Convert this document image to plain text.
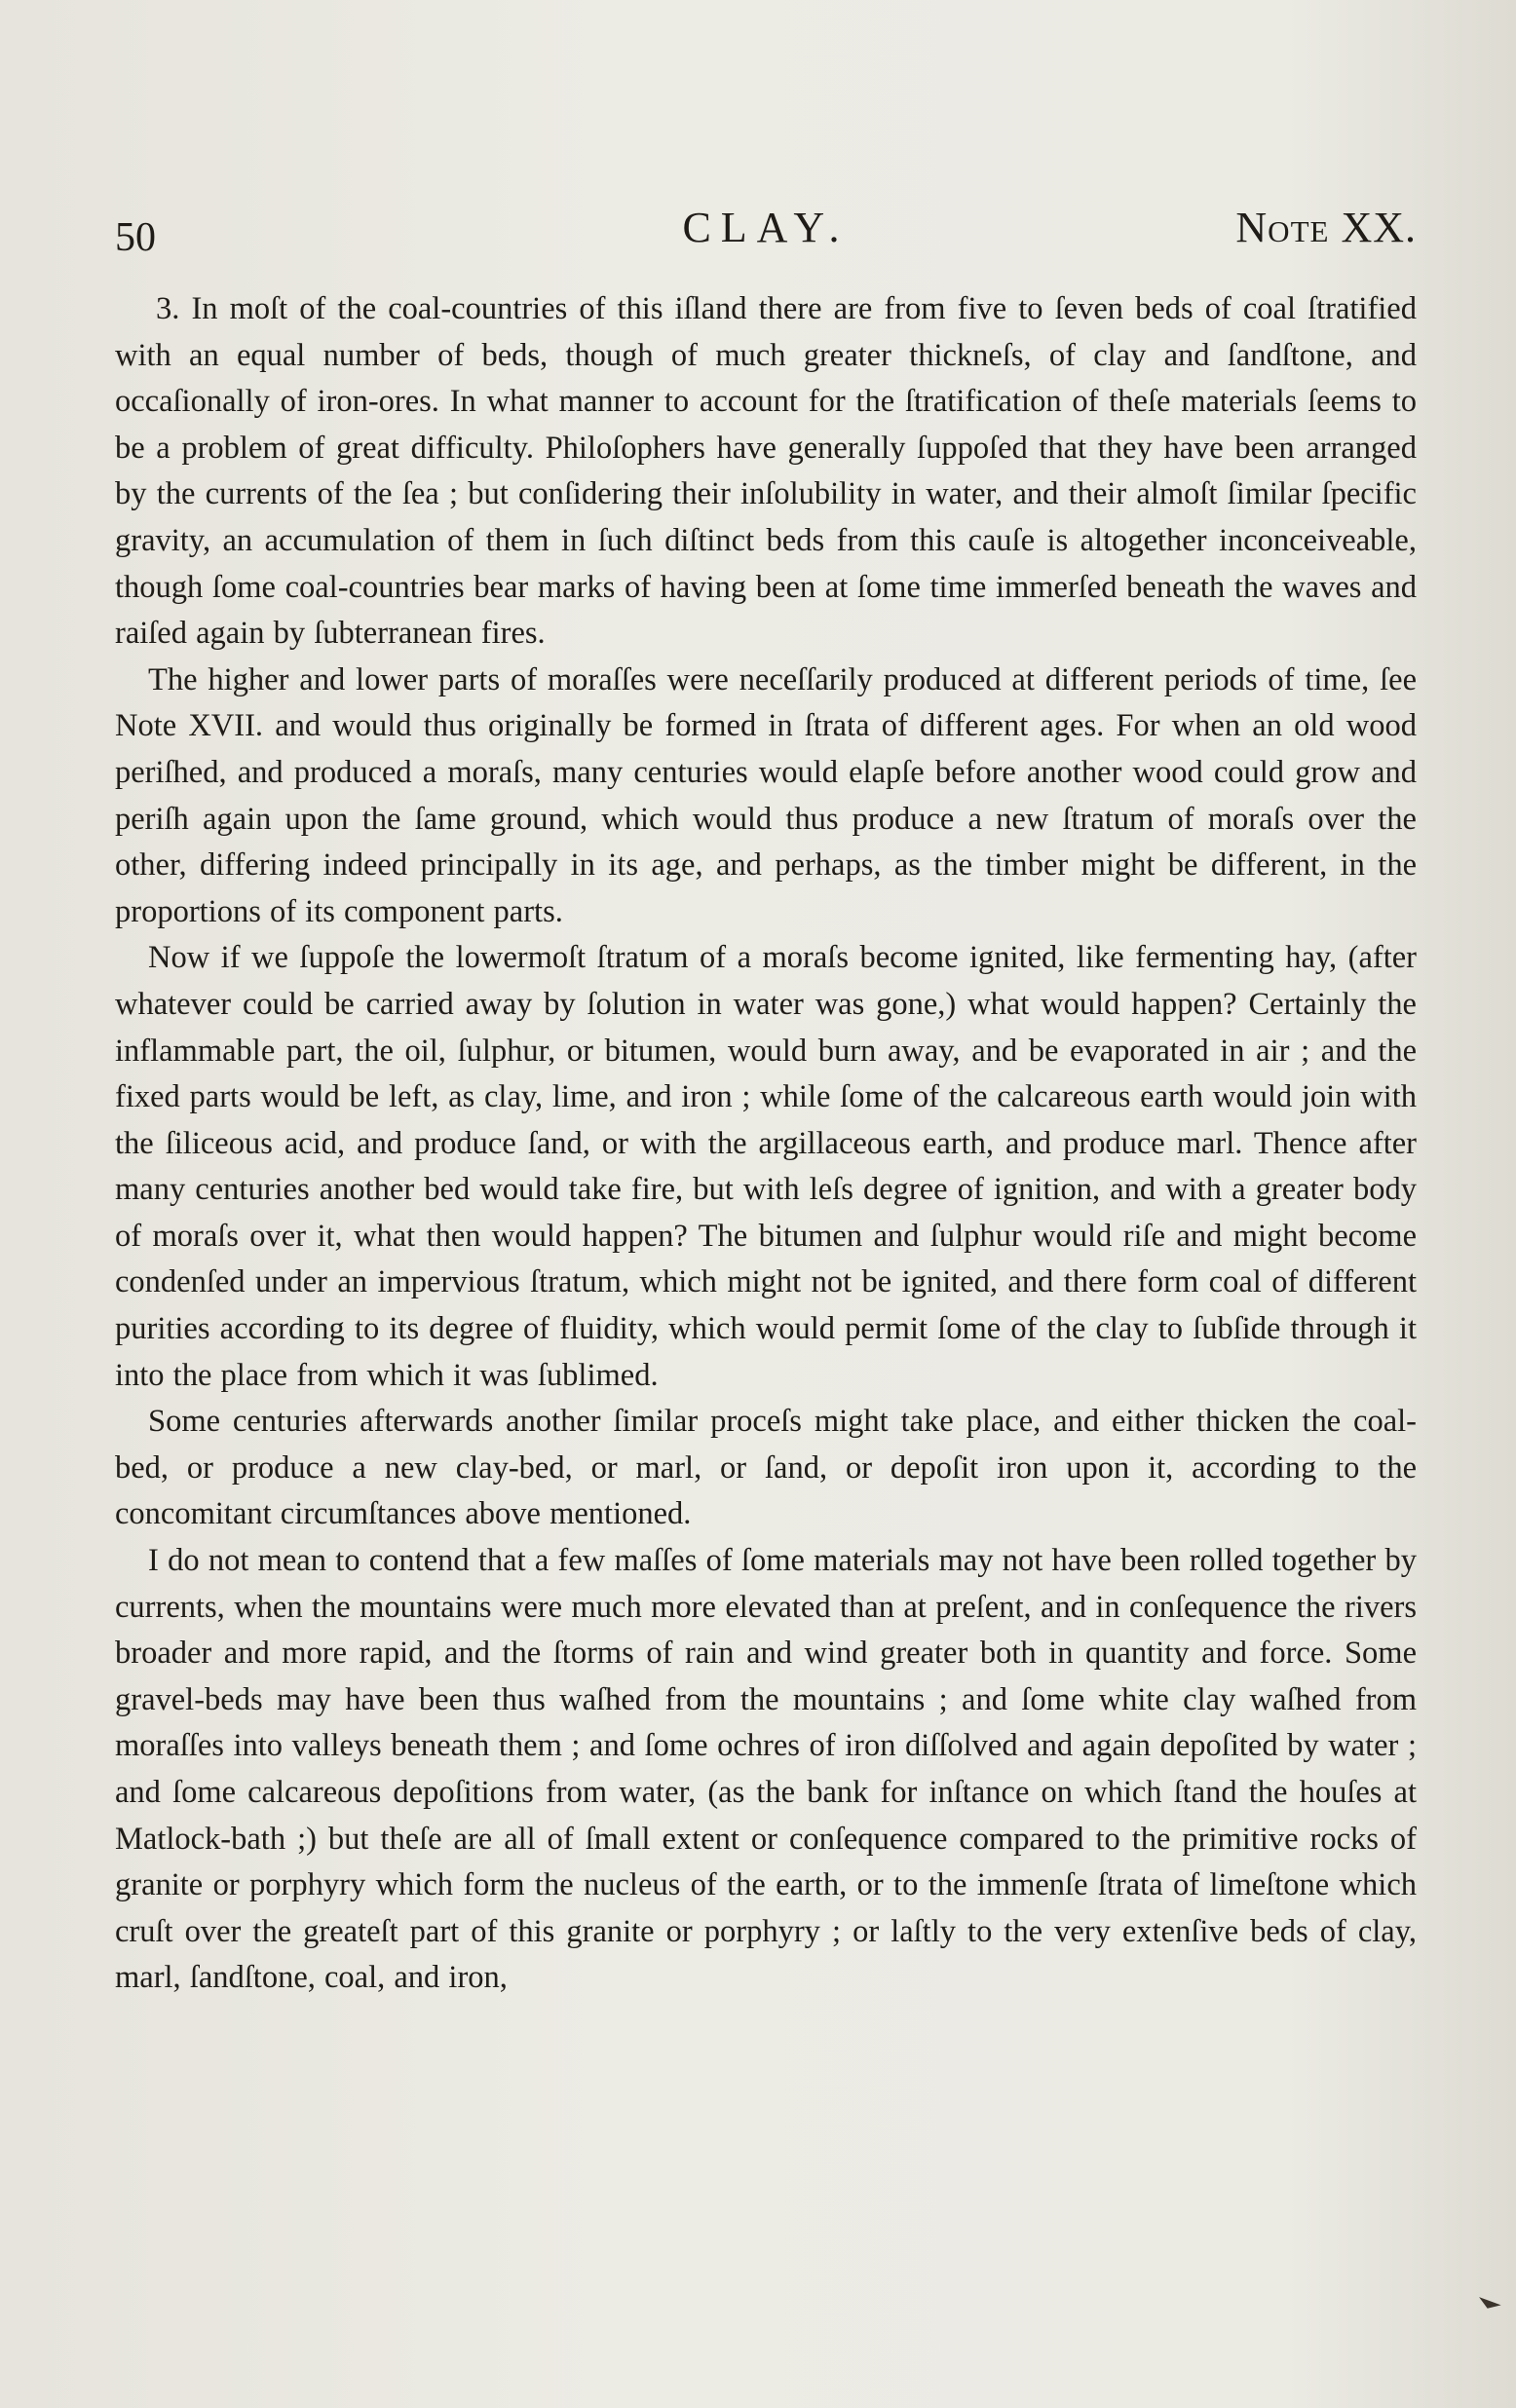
50	CLAY.	Note XX.

3. In moſt of the coal-countries of this iſland there are from five to ſeven beds of coal ſtratified with an equal number of beds, though of much greater thickneſs, of clay and ſandſtone, and occaſionally of iron-ores. In what manner to account for the ſtratification of theſe materials ſeems to be a problem of great difficulty. Philoſophers have generally ſuppoſed that they have been arranged by the currents of the ſea ; but conſidering their inſolubility in water, and their almoſt ſimilar ſpecific gravity, an accumulation of them in ſuch diſtinct beds from this cauſe is altogether inconceiveable, though ſome coal-countries bear marks of having been at ſome time immerſed beneath the waves and raiſed again by ſubterranean fires.

The higher and lower parts of moraſſes were neceſſarily produced at different periods of time, ſee Note XVII. and would thus originally be formed in ſtrata of different ages. For when an old wood periſhed, and produced a moraſs, many centuries would elapſe before another wood could grow and periſh again upon the ſame ground, which would thus produce a new ſtratum of moraſs over the other, differing indeed principally in its age, and perhaps, as the timber might be different, in the proportions of its component parts.

Now if we ſuppoſe the lowermoſt ſtratum of a moraſs become ignited, like fermenting hay, (after whatever could be carried away by ſolution in water was gone,) what would happen? Certainly the inflammable part, the oil, ſulphur, or bitumen, would burn away, and be evaporated in air ; and the fixed parts would be left, as clay, lime, and iron ; while ſome of the calcareous earth would join with the ſiliceous acid, and produce ſand, or with the argillaceous earth, and produce marl. Thence after many centuries another bed would take fire, but with leſs degree of ignition, and with a greater body of moraſs over it, what then would happen? The bitumen and ſulphur would riſe and might become condenſed under an impervious ſtratum, which might not be ignited, and there form coal of different purities according to its degree of fluidity, which would permit ſome of the clay to ſubſide through it into the place from which it was ſublimed.

Some centuries afterwards another ſimilar proceſs might take place, and either thicken the coal-bed, or produce a new clay-bed, or marl, or ſand, or depoſit iron upon it, according to the concomitant circumſtances above mentioned.

I do not mean to contend that a few maſſes of ſome materials may not have been rolled together by currents, when the mountains were much more elevated than at preſent, and in conſequence the rivers broader and more rapid, and the ſtorms of rain and wind greater both in quantity and force. Some gravel-beds may have been thus waſhed from the mountains ; and ſome white clay waſhed from moraſſes into valleys beneath them ; and ſome ochres of iron diſſolved and again depoſited by water ; and ſome calcareous depoſitions from water, (as the bank for inſtance on which ſtand the houſes at Matlock-bath ;) but theſe are all of ſmall extent or conſequence compared to the primitive rocks of granite or porphyry which form the nucleus of the earth, or to the immenſe ſtrata of limeſtone which cruſt over the greateſt part of this granite or porphyry ; or laſtly to the very extenſive beds of clay, marl, ſandſtone, coal, and iron,
